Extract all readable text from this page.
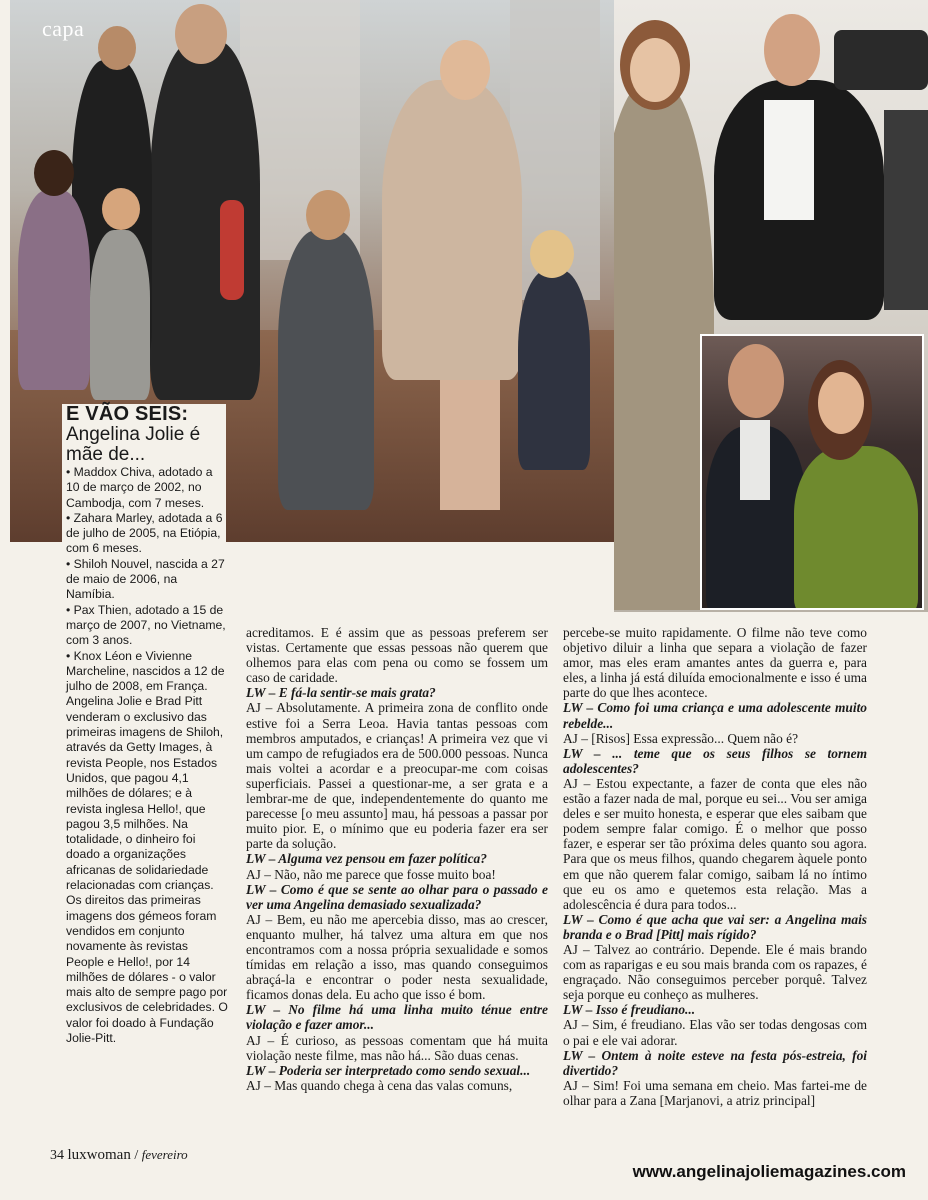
capa
E VÃO SEIS:
Angelina Jolie é mãe de...

• Maddox Chiva, adotado a 10 de março de 2002, no Cambodja, com 7 meses.

• Zahara Marley, adotada a 6 de julho de 2005, na Etiópia, com 6 meses.

• Shiloh Nouvel, nascida a 27 de maio de 2006, na Namíbia.

• Pax Thien, adotado a 15 de março de 2007, no Vietname, com 3 anos.

• Knox Léon e Vivienne Marcheline, nascidos a 12 de julho de 2008, em França.

Angelina Jolie e Brad Pitt venderam o exclusivo das primeiras imagens de Shiloh, através da Getty Images, à revista People, nos Estados Unidos, que pagou 4,1 milhões de dólares; e à revista inglesa Hello!, que pagou 3,5 milhões. Na totalidade, o dinheiro foi doado a organizações africanas de solidariedade relacionadas com crianças. Os direitos das primeiras imagens dos gémeos foram vendidos em conjunto novamente às revistas People e Hello!, por 14 milhões de dólares - o valor mais alto de sempre pago por exclusivos de celebridades. O valor foi doado à Fundação Jolie-Pitt.

acreditamos. E é assim que as pessoas preferem ser vistas. Certamente que essas pessoas não querem que olhemos para elas com pena ou como se fossem um caso de caridade.

LW – E fá-la sentir-se mais grata?

AJ – Absolutamente. A primeira zona de conflito onde estive foi a Serra Leoa. Havia tantas pessoas com membros amputados, e crianças! A primeira vez que vi um campo de refugiados era de 500.000 pessoas. Nunca mais voltei a acordar e a preocupar-me com coisas superficiais. Passei a questionar-me, a ser grata e a lembrar-me de que, independentemente do quanto me parecesse [o meu assunto] mau, há pessoas a passar por muito pior. E, o mínimo que eu poderia fazer era ser parte da solução.

LW – Alguma vez pensou em fazer política?

AJ – Não, não me parece que fosse muito boa!

LW – Como é que se sente ao olhar para o passado e ver uma Angelina demasiado sexualizada?

AJ – Bem, eu não me apercebia disso, mas ao crescer, enquanto mulher, há talvez uma altura em que nos encontramos com a nossa própria sexualidade e somos tímidas em relação a isso, mas quando conseguimos abraçá-la e encontrar o poder nesta sexualidade, ficamos donas dela. Eu acho que isso é bom.

LW – No filme há uma linha muito ténue entre violação e fazer amor...

AJ – É curioso, as pessoas comentam que há muita violação neste filme, mas não há... São duas cenas.

LW – Poderia ser interpretado como sendo sexual...

AJ – Mas quando chega à cena das valas comuns,

percebe-se muito rapidamente. O filme não teve como objetivo diluir a linha que separa a violação de fazer amor, mas eles eram amantes antes da guerra e, para eles, a linha já está diluída emocionalmente e isso é uma parte do que lhes acontece.

LW – Como foi uma criança e uma adolescente muito rebelde...

AJ – [Risos] Essa expressão... Quem não é?

LW – ... teme que os seus filhos se tornem adolescentes?

AJ – Estou expectante, a fazer de conta que eles não estão a fazer nada de mal, porque eu sei... Vou ser amiga deles e ser muito honesta, e esperar que eles saibam que podem sempre falar comigo. É o melhor que posso fazer, e esperar ser tão próxima deles quanto sou agora. Para que os meus filhos, quando chegarem àquele ponto em que não querem falar comigo, saibam lá no íntimo que eu os amo e quetemos esta relação. Mas a adolescência é dura para todos...

LW – Como é que acha que vai ser: a Angelina mais branda e o Brad [Pitt] mais rígido?

AJ – Talvez ao contrário. Depende. Ele é mais brando com as raparigas e eu sou mais branda com os rapazes, é engraçado. Não conseguimos perceber porquê. Talvez seja porque eu conheço as mulheres.

LW – Isso é freudiano...

AJ – Sim, é freudiano. Elas vão ser todas dengosas com o pai e ele vai adorar.

LW – Ontem à noite esteve na festa pós-estreia, foi divertido?

AJ – Sim! Foi uma semana em cheio. Mas fartei-me de olhar para a Zana [Marjanovi, a atriz principal]

34 luxwoman / fevereiro
www.angelinajoliemagazines.com
